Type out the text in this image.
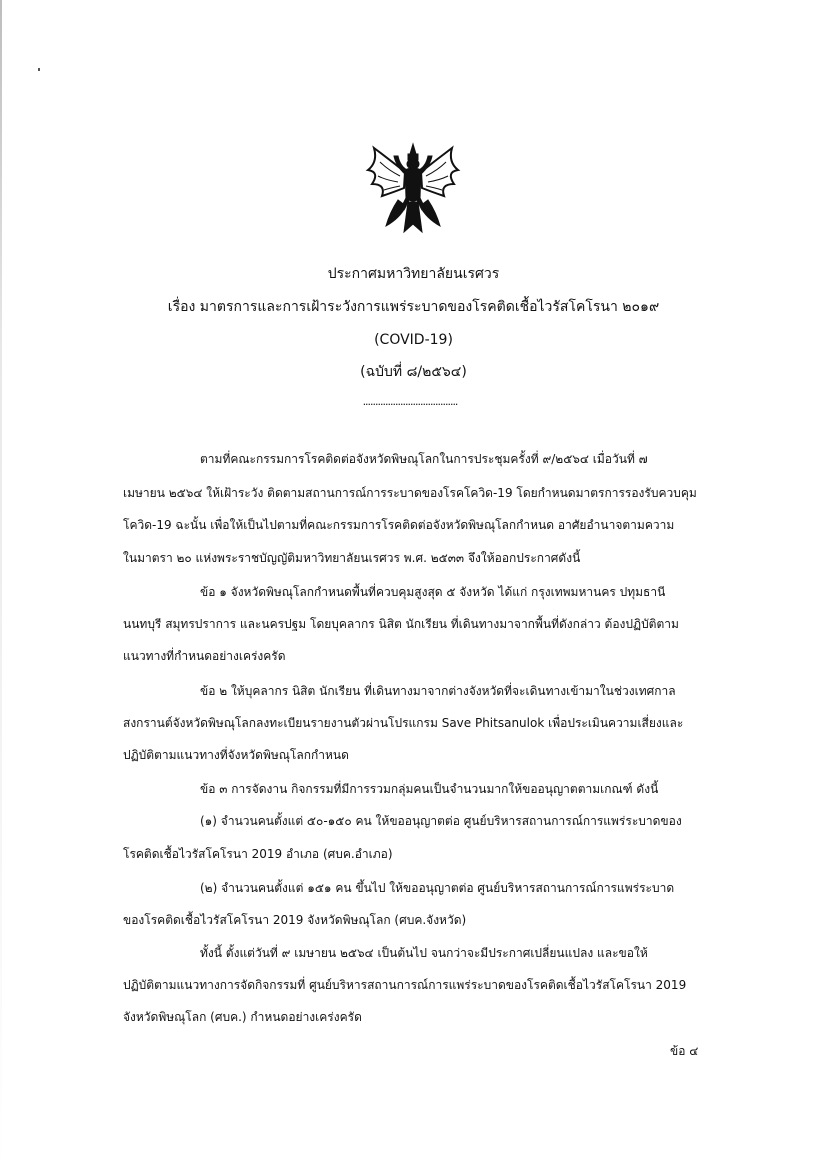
ประกาศมหาวิทยาลัยนเรศวร
เรื่อง มาตรการและการเฝ้าระวังการแพร่ระบาดของโรคติดเชื้อไวรัสโคโรนา ๒๐๑๙
(COVID-19)
(ฉบับที่ ๘/๒๕๖๔)
......................................
ตามที่คณะกรรมการโรคติดต่อจังหวัดพิษณุโลกในการประชุมครั้งที่ ๙/๒๕๖๔ เมื่อวันที่ ๗
เมษายน ๒๕๖๔ ให้เฝ้าระวัง ติดตามสถานการณ์การระบาดของโรคโควิด-19 โดยกำหนดมาตรการรองรับควบคุม
โควิด-19 ฉะนั้น เพื่อให้เป็นไปตามที่คณะกรรมการโรคติดต่อจังหวัดพิษณุโลกกำหนด อาศัยอำนาจตามความ
ในมาตรา ๒๐ แห่งพระราชบัญญัติมหาวิทยาลัยนเรศวร พ.ศ. ๒๕๓๓ จึงให้ออกประกาศดังนี้
ข้อ ๑ จังหวัดพิษณุโลกกำหนดพื้นที่ควบคุมสูงสุด ๕ จังหวัด ได้แก่ กรุงเทพมหานคร ปทุมธานี
นนทบุรี สมุทรปราการ และนครปฐม โดยบุคลากร นิสิต นักเรียน ที่เดินทางมาจากพื้นที่ดังกล่าว ต้องปฏิบัติตาม
แนวทางที่กำหนดอย่างเคร่งครัด
ข้อ ๒ ให้บุคลากร นิสิต นักเรียน ที่เดินทางมาจากต่างจังหวัดที่จะเดินทางเข้ามาในช่วงเทศกาล
สงกรานต์จังหวัดพิษณุโลกลงทะเบียนรายงานตัวผ่านโปรแกรม Save Phitsanulok เพื่อประเมินความเสี่ยงและ
ปฏิบัติตามแนวทางที่จังหวัดพิษณุโลกกำหนด
ข้อ ๓ การจัดงาน กิจกรรมที่มีการรวมกลุ่มคนเป็นจำนวนมากให้ขออนุญาตตามเกณฑ์ ดังนี้
(๑) จำนวนคนตั้งแต่ ๕๐-๑๕๐ คน ให้ขออนุญาตต่อ ศูนย์บริหารสถานการณ์การแพร่ระบาดของ
โรคติดเชื้อไวรัสโคโรนา 2019 อำเภอ (ศบค.อำเภอ)
(๒) จำนวนคนตั้งแต่ ๑๕๑ คน ขึ้นไป ให้ขออนุญาตต่อ ศูนย์บริหารสถานการณ์การแพร่ระบาด
ของโรคติดเชื้อไวรัสโคโรนา 2019 จังหวัดพิษณุโลก (ศบค.จังหวัด)
ทั้งนี้ ตั้งแต่วันที่ ๙ เมษายน ๒๕๖๔ เป็นต้นไป จนกว่าจะมีประกาศเปลี่ยนแปลง และขอให้
ปฏิบัติตามแนวทางการจัดกิจกรรมที่ ศูนย์บริหารสถานการณ์การแพร่ระบาดของโรคติดเชื้อไวรัสโคโรนา 2019
จังหวัดพิษณุโลก (ศบค.) กำหนดอย่างเคร่งครัด
ข้อ ๔
